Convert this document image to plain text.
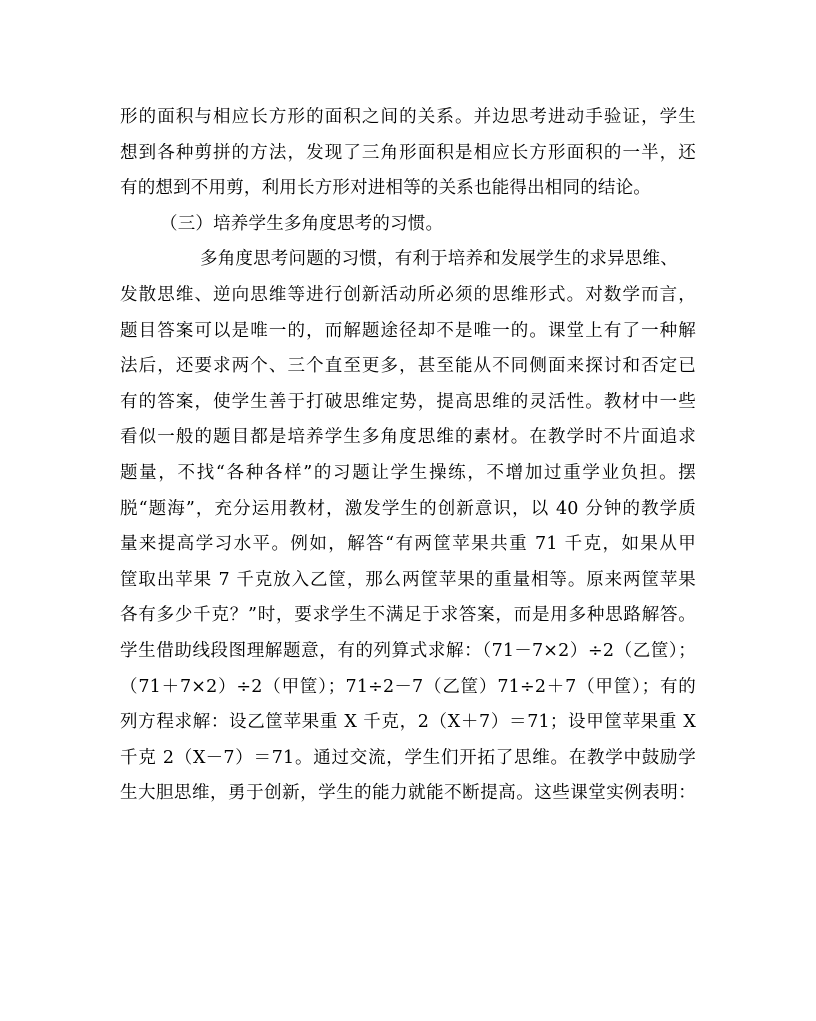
形的面积与相应长方形的面积之间的关系。并边思考进动手验证，学生
想到各种剪拼的方法，发现了三角形面积是相应长方形面积的一半，还
有的想到不用剪，利用长方形对进相等的关系也能得出相同的结论。
（三）培养学生多角度思考的习惯。
多角度思考问题的习惯，有利于培养和发展学生的求异思维、
发散思维、逆向思维等进行创新活动所必须的思维形式。对数学而言，
题目答案可以是唯一的，而解题途径却不是唯一的。课堂上有了一种解
法后，还要求两个、三个直至更多，甚至能从不同侧面来探讨和否定已
有的答案，使学生善于打破思维定势，提高思维的灵活性。教材中一些
看似一般的题目都是培养学生多角度思维的素材。在教学时不片面追求
题量，不找“各种各样”的习题让学生操练，不增加过重学业负担。摆
脱“题海”，充分运用教材，激发学生的创新意识，以 40 分钟的教学质
量来提高学习水平。例如，解答“有两筐苹果共重 71 千克，如果从甲
筐取出苹果 7 千克放入乙筐，那么两筐苹果的重量相等。原来两筐苹果
各有多少千克？”时，要求学生不满足于求答案，而是用多种思路解答。
学生借助线段图理解题意，有的列算式求解：（71－7×2）÷2（乙筐）；
（71＋7×2）÷2（甲筐）；71÷2－7（乙筐）71÷2＋7（甲筐）；有的
列方程求解：设乙筐苹果重 X 千克，2（X＋7）＝71；设甲筐苹果重 X
千克 2（X－7）＝71。通过交流，学生们开拓了思维。在教学中鼓励学
生大胆思维，勇于创新，学生的能力就能不断提高。这些课堂实例表明：
